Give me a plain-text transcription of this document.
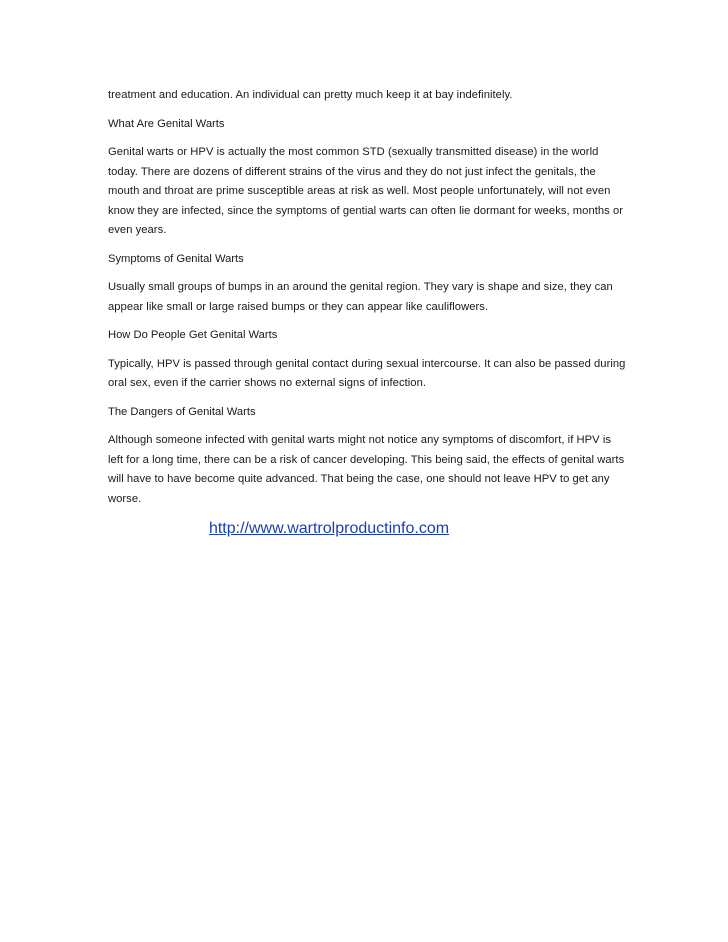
treatment and education. An individual can pretty much keep it at bay indefinitely.

What Are Genital Warts

Genital warts or HPV is actually the most common STD (sexually transmitted disease) in the world today. There are dozens of different strains of the virus and they do not just infect the genitals, the mouth and throat are prime susceptible areas at risk as well. Most people unfortunately, will not even know they are infected, since the symptoms of gential warts can often lie dormant for weeks, months or even years.

Symptoms of Genital Warts

Usually small groups of bumps in an around the genital region. They vary is shape and size, they can appear like small or large raised bumps or they can appear like cauliflowers.

How Do People Get Genital Warts

Typically, HPV is passed through genital contact during sexual intercourse. It can also be passed during oral sex, even if the carrier shows no external signs of infection.

The Dangers of Genital Warts

Although someone infected with genital warts might not notice any symptoms of discomfort, if HPV is left for a long time, there can be a risk of cancer developing. This being said, the effects of genital warts will have to have become quite advanced. That being the case, one should not leave HPV to get any worse.

http://www.wartrolproductinfo.com
